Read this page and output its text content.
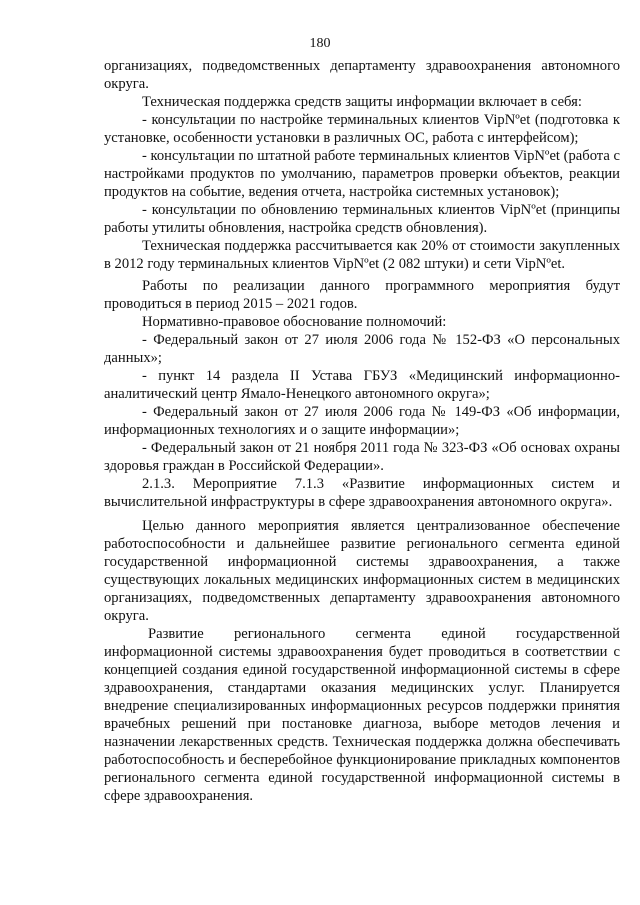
180

организациях, подведомственных департаменту здравоохранения автономного округа.

Техническая поддержка средств защиты информации включает в себя:

- консультации по настройке терминальных клиентов VipNºet (подготовка к установке, особенности установки в различных ОС, работа с интерфейсом);

- консультации по штатной работе терминальных клиентов VipNºet (работа с настройками продуктов по умолчанию, параметров проверки объектов, реакции продуктов на событие, ведения отчета, настройка системных установок);

- консультации по обновлению терминальных клиентов VipNºet (принципы работы утилиты обновления, настройка средств обновления).

Техническая поддержка рассчитывается как 20% от стоимости закупленных в 2012 году терминальных клиентов VipNºet (2 082 штуки) и сети VipNºet.

Работы по реализации данного программного мероприятия будут проводиться в период 2015 – 2021 годов.

Нормативно-правовое обоснование полномочий:

- Федеральный закон от 27 июля 2006 года № 152-ФЗ «О персональных данных»;

- пункт 14 раздела II Устава ГБУЗ «Медицинский информационно-аналитический центр Ямало-Ненецкого автономного округа»;

- Федеральный закон от 27 июля 2006 года № 149-ФЗ «Об информации, информационных технологиях и о защите информации»;

- Федеральный закон от 21 ноября 2011 года № 323-ФЗ «Об основах охраны здоровья граждан в Российской Федерации».

2.1.3. Мероприятие 7.1.3 «Развитие информационных систем и вычислительной инфраструктуры в сфере здравоохранения автономного округа».

Целью данного мероприятия является централизованное обеспечение работоспособности и дальнейшее развитие регионального сегмента единой государственной информационной системы здравоохранения, а также существующих локальных медицинских информационных систем в медицинских организациях, подведомственных департаменту здравоохранения автономного округа.

Развитие регионального сегмента единой государственной информационной системы здравоохранения будет проводиться в соответствии с концепцией создания единой государственной информационной системы в сфере здравоохранения, стандартами оказания медицинских услуг. Планируется внедрение специализированных информационных ресурсов поддержки принятия врачебных решений при постановке диагноза, выборе методов лечения и назначении лекарственных средств. Техническая поддержка должна обеспечивать работоспособность и бесперебойное функционирование прикладных компонентов регионального сегмента единой государственной информационной системы в сфере здравоохранения.
